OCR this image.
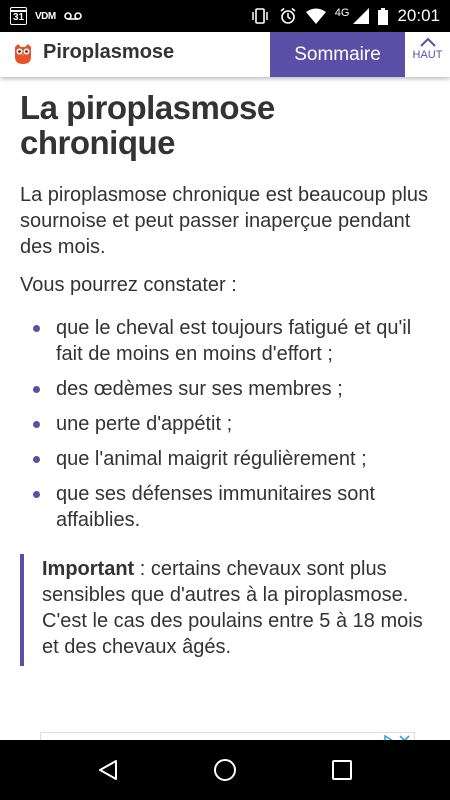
31 VDM	4G	20:01
Piroplasmose	Sommaire	HAUT
La piroplasmose chronique

La piroplasmose chronique est beaucoup plus sournoise et peut passer inaperçue pendant des mois.

Vous pourrez constater :

que le cheval est toujours fatigué et qu'il fait de moins en moins d'effort ;
des œdèmes sur ses membres ;
une perte d'appétit ;
que l'animal maigrit régulièrement ;
que ses défenses immunitaires sont affaiblies.
Important : certains chevaux sont plus sensibles que d'autres à la piroplasmose. C'est le cas des poulains entre 5 à 18 mois et des chevaux âgés.
